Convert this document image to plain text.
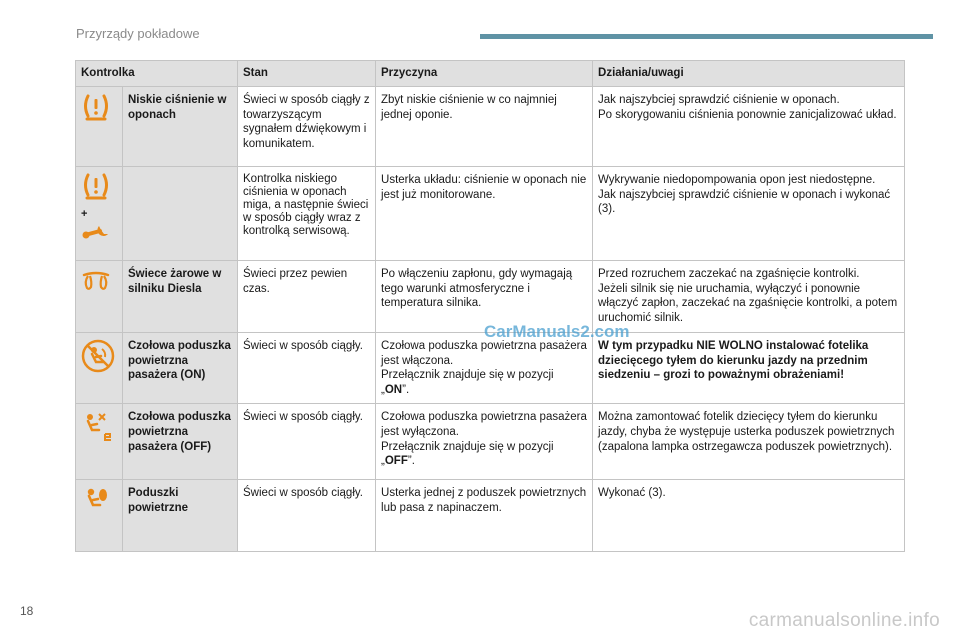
Przyrządy pokładowe
Kontrolka		Stan	Przyczyna	Działania/uwagi

	Niskie ciśnienie w oponach	Świeci w sposób ciągły z towarzyszącym sygnałem dźwiękowym i komunikatem.	Zbyt niskie ciśnienie w co najmniej jednej oponie.	Jak najszybciej sprawdzić ciśnienie w oponach.
Po skorygowaniu ciśnienia ponownie zanicjalizować układ.

+		Kontrolka niskiego ciśnienia w oponach miga, a następnie świeci w sposób ciągły wraz z kontrolką serwisową.	Usterka układu: ciśnienie w oponach nie jest już monitorowane.	Wykrywanie niedopompowania opon jest niedostępne.
Jak najszybciej sprawdzić ciśnienie w oponach i wykonać (3).

	Świece żarowe w silniku Diesla	Świeci przez pewien czas.	Po włączeniu zapłonu, gdy wymagają tego warunki atmosferyczne i temperatura silnika.	Przed rozruchem zaczekać na zgaśnięcie kontrolki.
Jeżeli silnik się nie uruchamia, wyłączyć i ponownie włączyć zapłon, zaczekać na zgaśnięcie kontrolki, a potem uruchomić silnik.

	Czołowa poduszka powietrzna pasażera (ON)	Świeci w sposób ciągły.	Czołowa poduszka powietrzna pasażera jest włączona.
Przełącznik znajduje się w pozycji
„ON”.	W tym przypadku NIE WOLNO instalować fotelika dziecięcego tyłem do kierunku jazdy na przednim siedzeniu – grozi to poważnymi obrażeniami!

	Czołowa poduszka powietrzna pasażera (OFF)	Świeci w sposób ciągły.	Czołowa poduszka powietrzna pasażera jest wyłączona.
Przełącznik znajduje się w pozycji
„OFF”.	Można zamontować fotelik dziecięcy tyłem do kierunku jazdy, chyba że występuje usterka poduszek powietrznych (zapalona lampka ostrzegawcza poduszek powietrznych).

	Poduszki powietrzne	Świeci w sposób ciągły.	Usterka jednej z poduszek powietrznych lub pasa z napinaczem.	Wykonać (3).
CarManuals2.com
18	carmanualsonline.info
